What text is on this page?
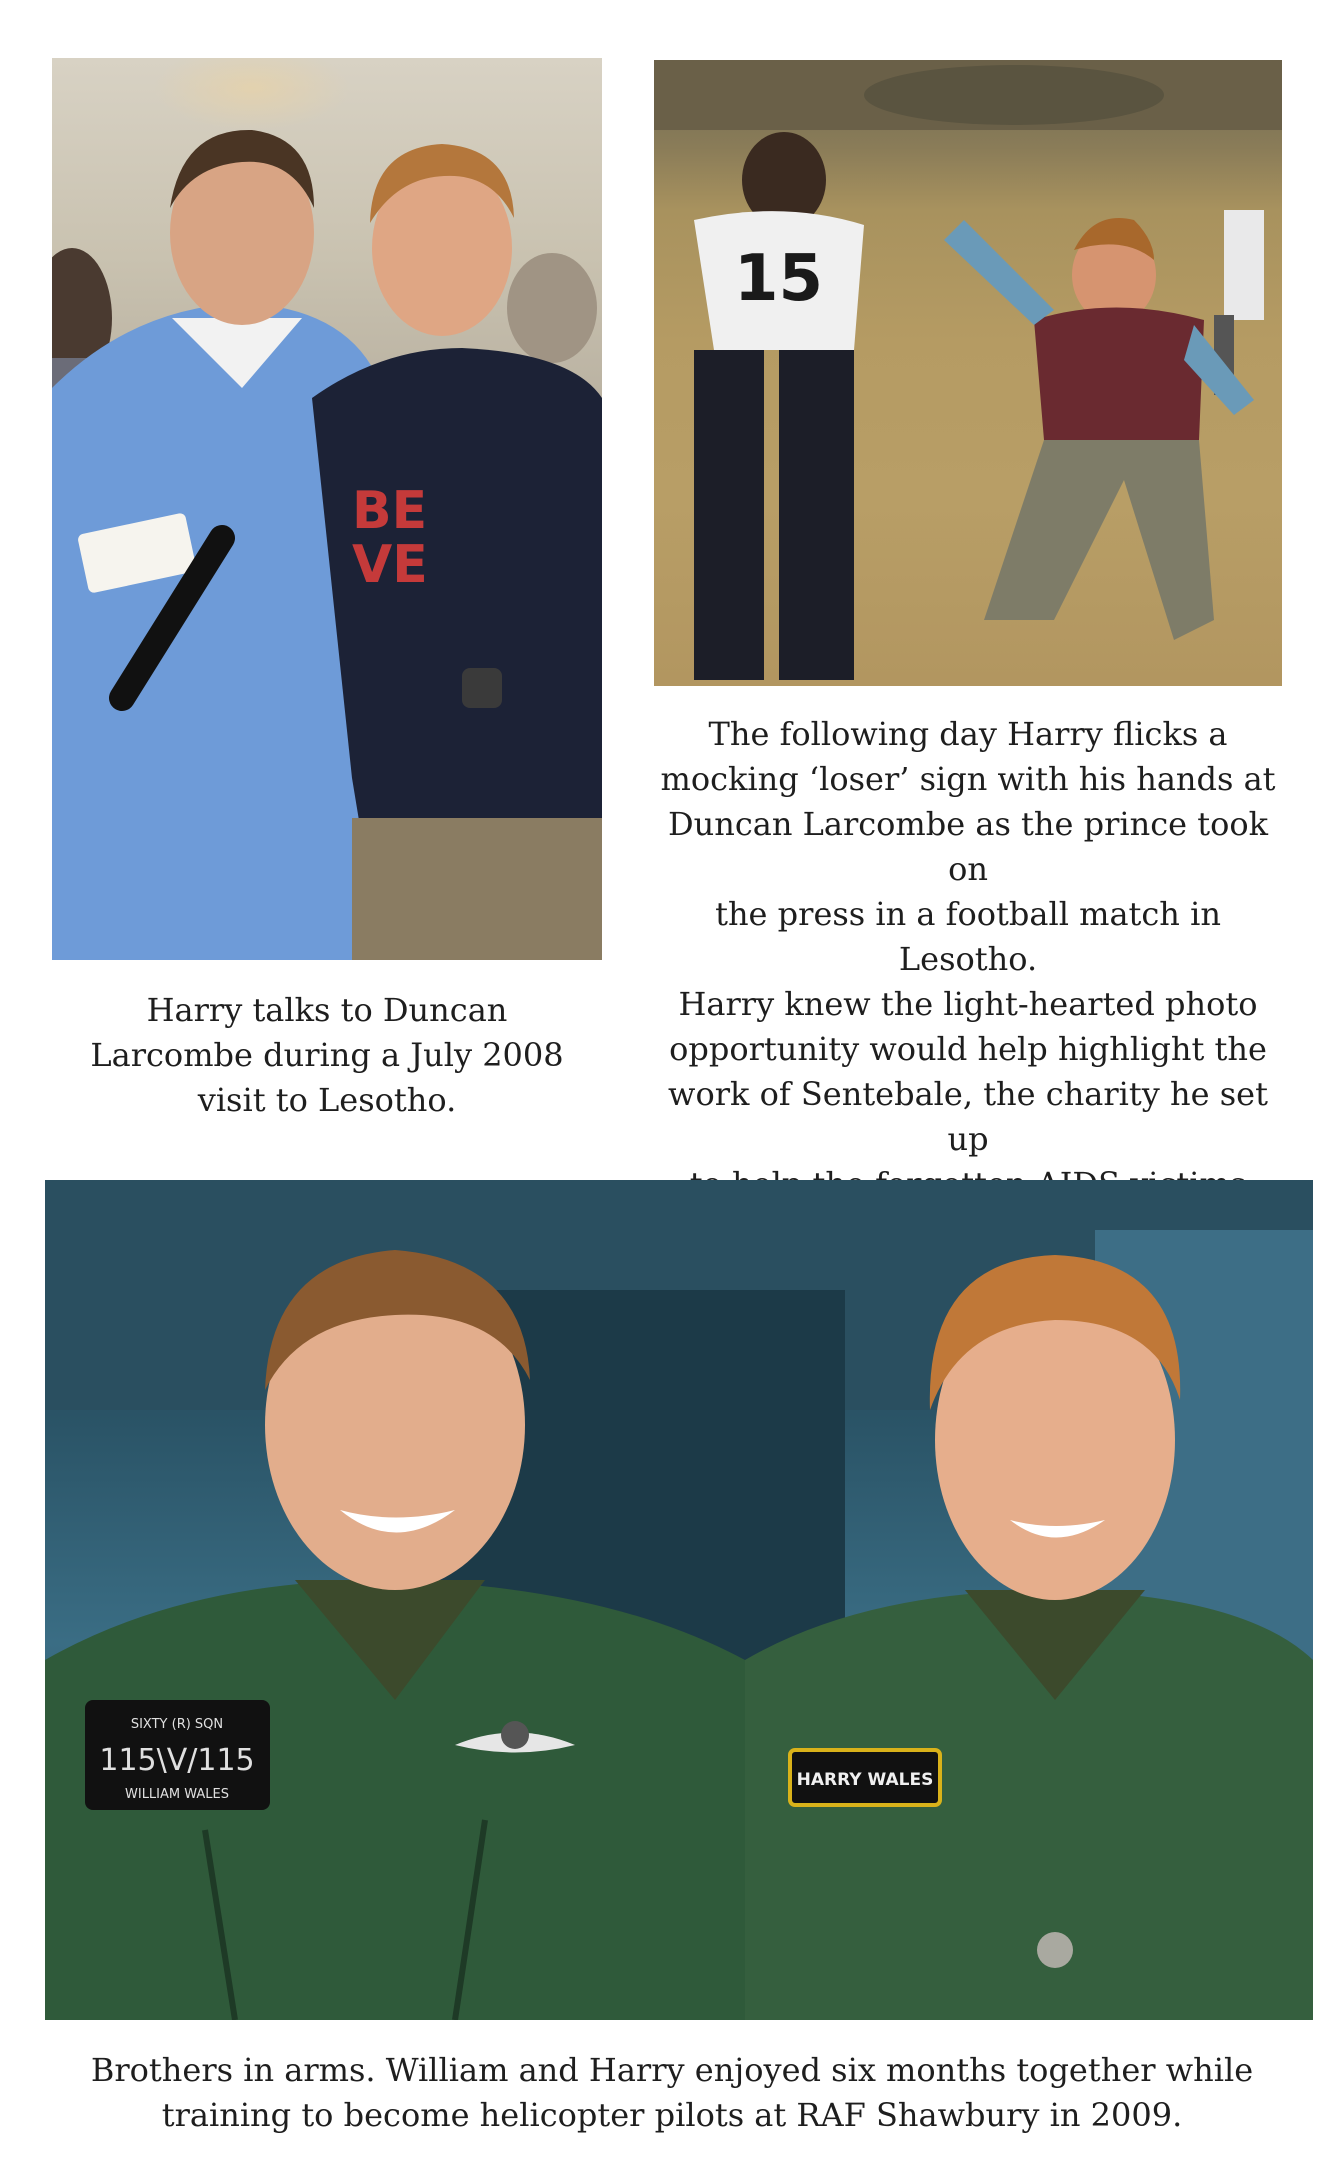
BE VE
15

Harry talks to Duncan
Larcombe during a July 2008
visit to Lesotho.

The following day Harry flicks a
mocking ‘loser’ sign with his hands at
Duncan Larcombe as the prince took on
the press in a football match in Lesotho.
Harry knew the light-hearted photo
opportunity would help highlight the
work of Sentebale, the charity he set up

SIXTY (R) SQN
115\V/115
WILLIAM WALES
HARRY WALES

Brothers in arms. William and Harry enjoyed six months together while
training to become helicopter pilots at RAF Shawbury in 2009.
